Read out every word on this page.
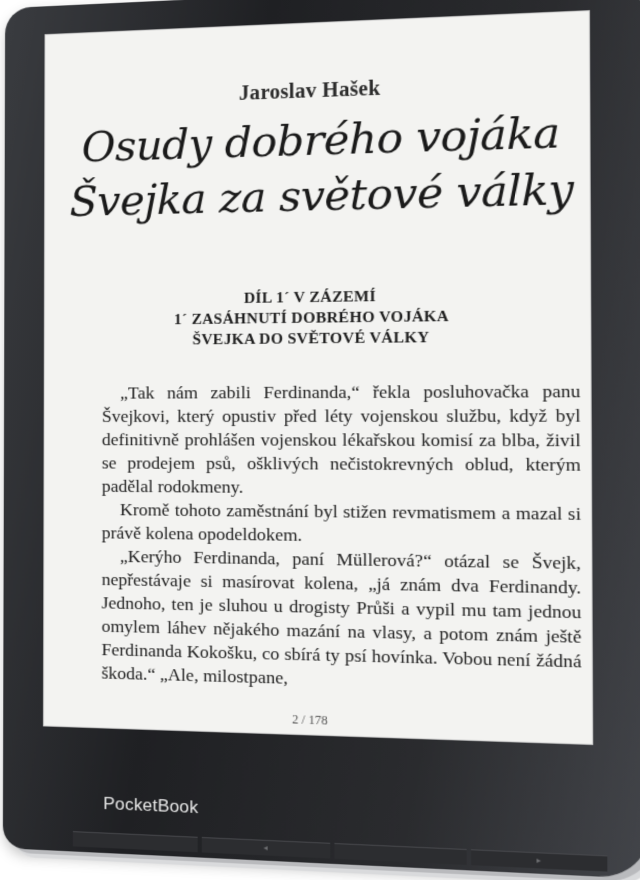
Jaroslav Hašek
Osudy dobrého vojáka
Švejka za světové války
DÍL 1´ V ZÁZEMÍ
1´ ZASÁHNUTÍ DOBRÉHO VOJÁKA
ŠVEJKA DO SVĚTOVÉ VÁLKY

„Tak nám zabili Ferdinanda,“ řekla posluhovačka panu Švejkovi, který opustiv před léty vojenskou službu, když byl definitivně prohlášen vojenskou lékařskou komisí za blba, živil se prodejem psů, ošklivých nečistokrevných oblud, kterým padělal rodokmeny.

Kromě tohoto zaměstnání byl stižen revmatismem a mazal si právě kolena opodeldokem.

„Kerýho Ferdinanda, paní Müllerová?“ otázal se Švejk, nepřestávaje si masírovat kolena, „já znám dva Ferdinandy. Jednoho, ten je sluhou u drogisty Průši a vypil mu tam jednou omylem láhev nějakého mazání na vlasy, a potom znám ještě Ferdinanda Kokošku, co sbírá ty psí hovínka. Vobou není žádná škoda.“ „Ale, milostpane,

2 / 178
PocketBook
◂
▸
